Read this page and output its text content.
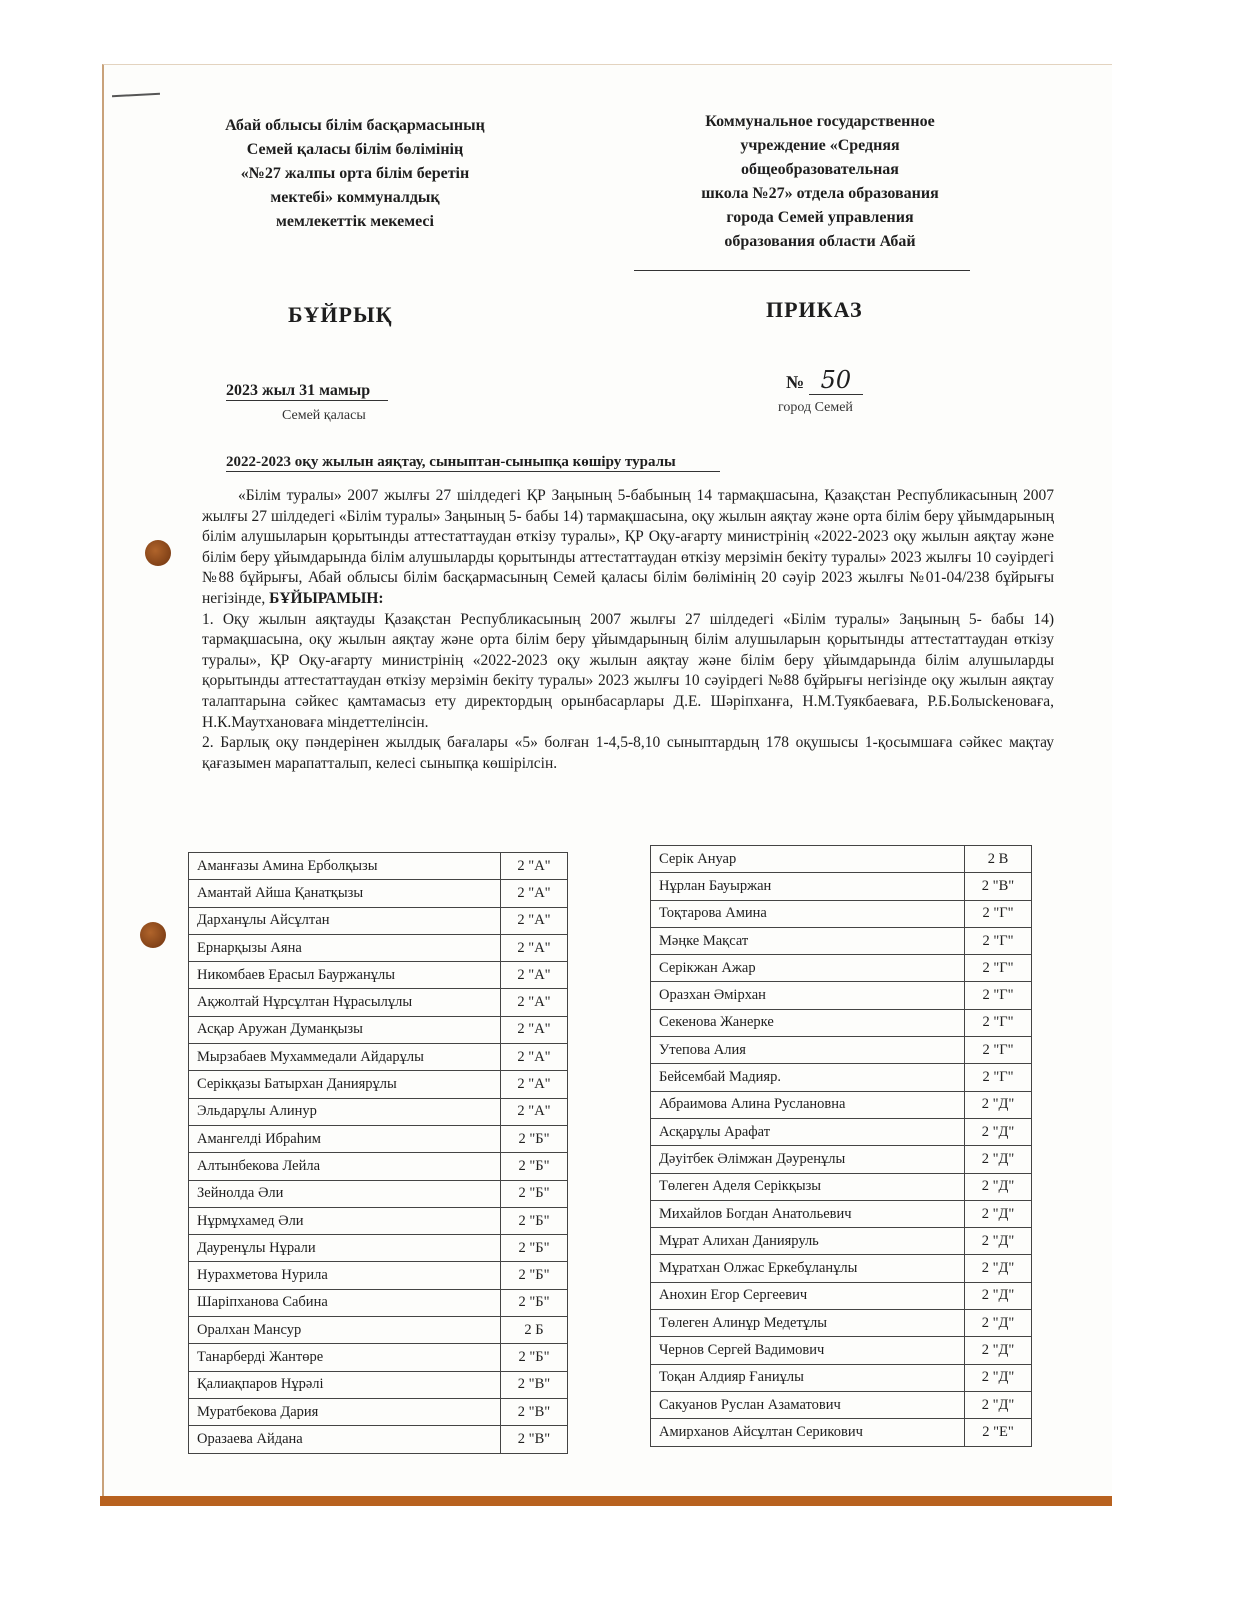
Абай облысы білім басқармасының
Семей қаласы білім бөлімінің
«№27 жалпы орта білім беретін
мектебі» коммуналдық
мемлекеттік мекемесі
Коммунальное государственное
учреждение «Средняя
общеобразовательная
школа №27» отдела образования
города Семей управления
образования области Абай
БҰЙРЫҚ	ПРИКАЗ
2023 жыл 31 мамыр
Семей қаласы
№ 50
город Семей
2022-2023 оқу жылын аяқтау, сыныптан-сыныпқа көшіру туралы

«Білім туралы» 2007 жылғы 27 шілдедегі ҚР Заңының 5-бабының 14 тармақшасына, Қазақстан Республикасының 2007 жылғы 27 шілдедегі «Білім туралы» Заңының 5- бабы 14) тармақшасына, оқу жылын аяқтау және орта білім беру ұйымдарының білім алушыларын қорытынды аттестаттаудан өткізу туралы», ҚР Оқу-ағарту министрінің «2022-2023 оқу жылын аяқтау және білім беру ұйымдарында білім алушыларды қорытынды аттестаттаудан өткізу мерзімін бекіту туралы» 2023 жылғы 10 сәуірдегі №88 бұйрығы, Абай облысы білім басқармасының Семей қаласы білім бөлімінің 20 сәуір 2023 жылғы №01-04/238 бұйрығы негізінде, БҰЙЫРАМЫН:

1. Оқу жылын аяқтауды Қазақстан Республикасының 2007 жылғы 27 шілдедегі «Білім туралы» Заңының 5- бабы 14) тармақшасына, оқу жылын аяқтау және орта білім беру ұйымдарының білім алушыларын қорытынды аттестаттаудан өткізу туралы», ҚР Оқу-ағарту министрінің «2022-2023 оқу жылын аяқтау және білім беру ұйымдарында білім алушыларды қорытынды аттестаттаудан өткізу мерзімін бекіту туралы» 2023 жылғы 10 сәуірдегі №88 бұйрығы негізінде оқу жылын аяқтау талаптарына сәйкес қамтамасыз ету директордың орынбасарлары Д.Е. Шәріпханға, Н.М.Туякбаеваға, Р.Б.Болысkеноваға, Н.К.Маутхановаға міндеттелінсін.

2. Барлық оқу пәндерінен жылдық бағалары «5» болған 1-4,5-8,10 сыныптардың 178 оқушысы 1-қосымшаға сәйкес мақтау қағазымен марапатталып, келесі сыныпқа көшірілсін.

Аманғазы Амина Ерболқызы	2 "А"
Амантай Айша Қанатқызы	2 "А"
Дарханұлы Айсұлтан	2 "А"
Ернарқызы Аяна	2 "А"
Никомбаев Ерасыл Бауржанұлы	2 "А"
Ақжолтай Нұрсұлтан Нұрасылұлы	2 "А"
Асқар Аружан Думанқызы	2 "А"
Мырзабаев Мухаммедали Айдарұлы	2 "А"
Серікқазы Батырхан Даниярұлы	2 "А"
Эльдарұлы Алинур	2 "А"
Амангелді Ибраһим	2 "Б"
Алтынбекова Лейла	2 "Б"
Зейнолда Әли	2 "Б"
Нұрмұхамед Әли	2 "Б"
Дауренұлы Нұрали	2 "Б"
Нурахметова Нурила	2 "Б"
Шаріпханова Сабина	2 "Б"
Оралхан Мансур	2 Б
Танарберді Жантөре	2 "Б"
Қалиақпаров Нұрәлі	2 "В"
Муратбекова Дария	2 "В"
Оразаева Айдана	2 "В"
Серік Ануар	2 В
Нұрлан Бауыржан	2 "В"
Тоқтарова Амина	2 "Г"
Мәңке Мақсат	2 "Г"
Серікжан Ажар	2 "Г"
Оразхан Әмірхан	2 "Г"
Секенова Жанерке	2 "Г"
Утепова Алия	2 "Г"
Бейсембай Мадияр.	2 "Г"
Абраимова Алина Руслановна	2 "Д"
Асқарұлы Арафат	2 "Д"
Дәуітбек Әлімжан Дәуренұлы	2 "Д"
Төлеген Аделя Серікқызы	2 "Д"
Михайлов Богдан Анатольевич	2 "Д"
Мұрат Алихан Данияруль	2 "Д"
Мұратхан Олжас Еркебұланұлы	2 "Д"
Анохин Егор Сергеевич	2 "Д"
Төлеген Алинұр Медетұлы	2 "Д"
Чернов Сергей Вадимович	2 "Д"
Тоқан Алдияр Ғаниұлы	2 "Д"
Сакуанов Руслан Азаматович	2 "Д"
Амирханов Айсұлтан Серикович	2 "Е"
